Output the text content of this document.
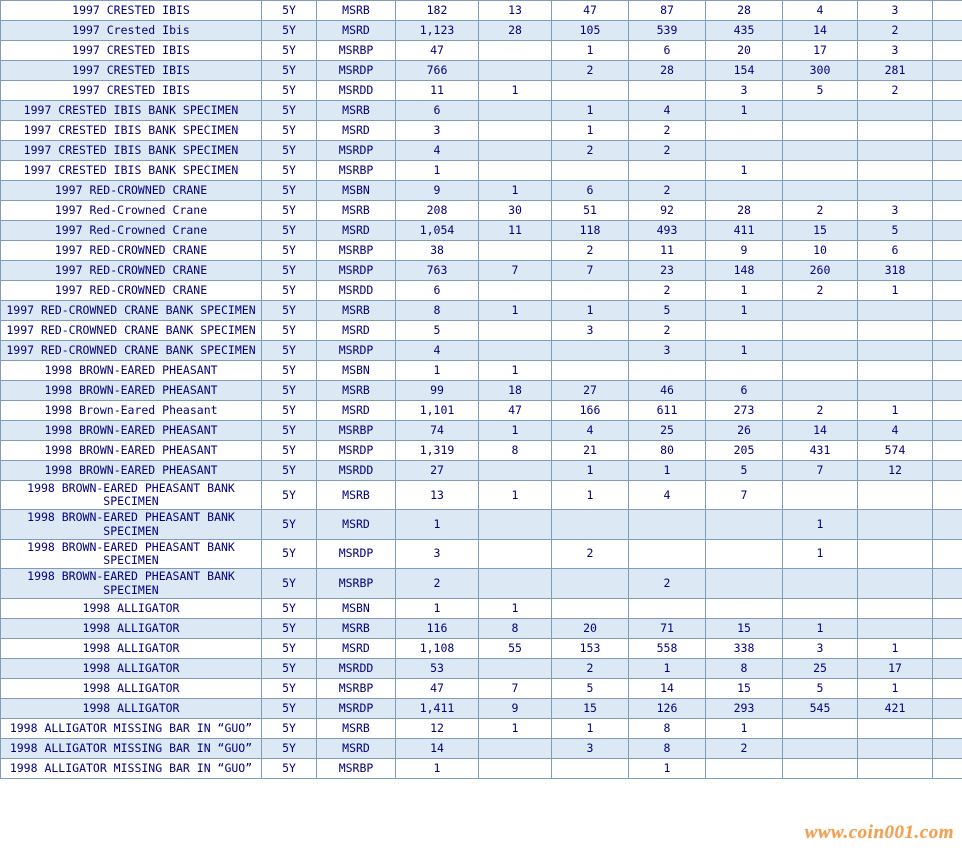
1997 CRESTED IBIS	5Y	MSRB	182	13	47	87	28	4	3	
1997 Crested Ibis	5Y	MSRD	1,123	28	105	539	435	14	2	
1997 CRESTED IBIS	5Y	MSRBP	47		1	6	20	17	3	
1997 CRESTED IBIS	5Y	MSRDP	766		2	28	154	300	281	
1997 CRESTED IBIS	5Y	MSRDD	11	1			3	5	2	
1997 CRESTED IBIS BANK SPECIMEN	5Y	MSRB	6		1	4	1			
1997 CRESTED IBIS BANK SPECIMEN	5Y	MSRD	3		1	2				
1997 CRESTED IBIS BANK SPECIMEN	5Y	MSRDP	4		2	2				
1997 CRESTED IBIS BANK SPECIMEN	5Y	MSRBP	1				1			
1997 RED-CROWNED CRANE	5Y	MSBN	9	1	6	2				
1997 Red-Crowned Crane	5Y	MSRB	208	30	51	92	28	2	3	
1997 Red-Crowned Crane	5Y	MSRD	1,054	11	118	493	411	15	5	
1997 RED-CROWNED CRANE	5Y	MSRBP	38		2	11	9	10	6	
1997 RED-CROWNED CRANE	5Y	MSRDP	763	7	7	23	148	260	318	
1997 RED-CROWNED CRANE	5Y	MSRDD	6			2	1	2	1	
1997 RED-CROWNED CRANE BANK SPECIMEN	5Y	MSRB	8	1	1	5	1			
1997 RED-CROWNED CRANE BANK SPECIMEN	5Y	MSRD	5		3	2				
1997 RED-CROWNED CRANE BANK SPECIMEN	5Y	MSRDP	4			3	1			
1998 BROWN-EARED PHEASANT	5Y	MSBN	1	1						
1998 BROWN-EARED PHEASANT	5Y	MSRB	99	18	27	46	6			
1998 Brown-Eared Pheasant	5Y	MSRD	1,101	47	166	611	273	2	1	
1998 BROWN-EARED PHEASANT	5Y	MSRBP	74	1	4	25	26	14	4	
1998 BROWN-EARED PHEASANT	5Y	MSRDP	1,319	8	21	80	205	431	574	
1998 BROWN-EARED PHEASANT	5Y	MSRDD	27		1	1	5	7	12	
1998 BROWN-EARED PHEASANT BANK SPECIMEN	5Y	MSRB	13	1	1	4	7			
1998 BROWN-EARED PHEASANT BANK SPECIMEN	5Y	MSRD	1					1		
1998 BROWN-EARED PHEASANT BANK SPECIMEN	5Y	MSRDP	3		2			1		
1998 BROWN-EARED PHEASANT BANK SPECIMEN	5Y	MSRBP	2			2				
1998 ALLIGATOR	5Y	MSBN	1	1						
1998 ALLIGATOR	5Y	MSRB	116	8	20	71	15	1		
1998 ALLIGATOR	5Y	MSRD	1,108	55	153	558	338	3	1	
1998 ALLIGATOR	5Y	MSRDD	53		2	1	8	25	17	
1998 ALLIGATOR	5Y	MSRBP	47	7	5	14	15	5	1	
1998 ALLIGATOR	5Y	MSRDP	1,411	9	15	126	293	545	421	
1998 ALLIGATOR MISSING BAR IN “GUO”	5Y	MSRB	12	1	1	8	1			
1998 ALLIGATOR MISSING BAR IN “GUO”	5Y	MSRD	14		3	8	2			
1998 ALLIGATOR MISSING BAR IN “GUO”	5Y	MSRBP	1			1				
www.coin001.com
